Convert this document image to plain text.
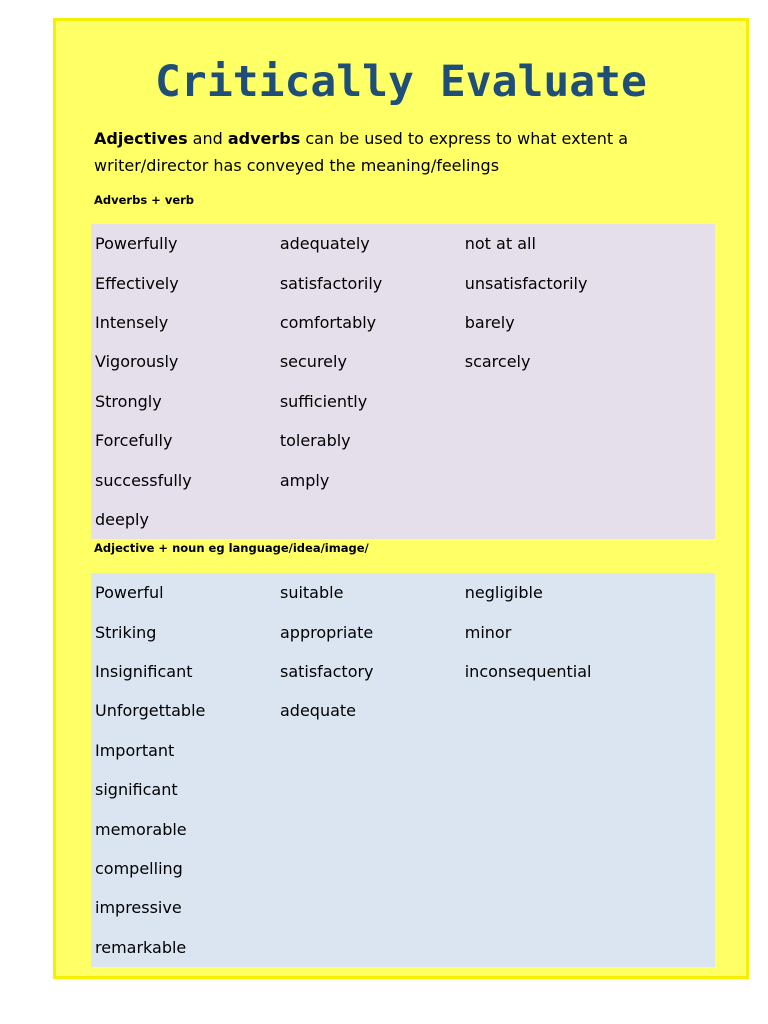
Critically Evaluate
Adjectives and adverbs can be used to express to what extent a
writer/director has conveyed the meaning/feelings
Adverbs + verb
Powerfully	adequately	not at all
Effectively	satisfactorily	unsatisfactorily
Intensely	comfortably	barely
Vigorously	securely	scarcely
Strongly	sufficiently	
Forcefully	tolerably	
successfully	amply	
deeply		
Adjective + noun eg language/idea/image/
Powerful	suitable	negligible
Striking	appropriate	minor
Insignificant	satisfactory	inconsequential
Unforgettable	adequate	
Important		
significant		
memorable		
compelling		
impressive		
remarkable		
